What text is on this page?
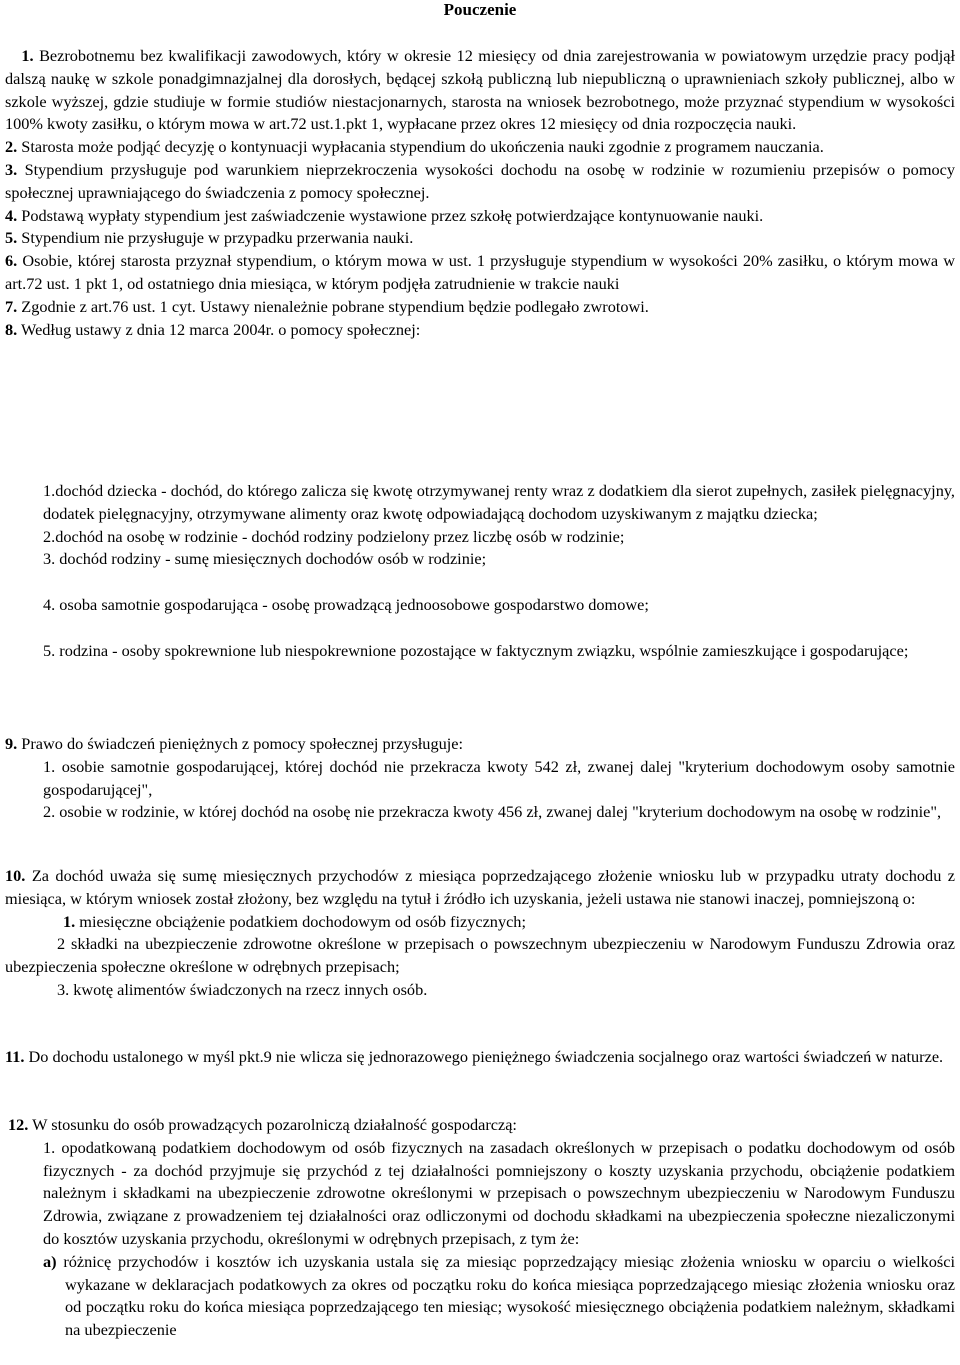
Pouczenie

1. Bezrobotnemu bez kwalifikacji zawodowych, który w okresie 12 miesięcy od dnia zarejestrowania w powiatowym urzędzie pracy podjął dalszą naukę w szkole ponadgimnazjalnej dla dorosłych, będącej szkołą publiczną lub niepubliczną o uprawnieniach szkoły publicznej, albo w szkole wyższej, gdzie studiuje w formie studiów niestacjonarnych, starosta na wniosek bezrobotnego, może przyznać stypendium w wysokości 100% kwoty zasiłku, o którym mowa w art.72 ust.1.pkt 1, wypłacane przez okres 12 miesięcy od dnia rozpoczęcia nauki.

2. Starosta może podjąć decyzję o kontynuacji wypłacania stypendium do ukończenia nauki zgodnie z programem nauczania.

3. Stypendium przysługuje pod warunkiem nieprzekroczenia wysokości dochodu na osobę w rodzinie w rozumieniu przepisów o pomocy społecznej uprawniającego do świadczenia z pomocy społecznej.

4. Podstawą wypłaty stypendium jest zaświadczenie wystawione przez szkołę potwierdzające kontynuowanie nauki.

5. Stypendium nie przysługuje w przypadku przerwania nauki.

6. Osobie, której starosta przyznał stypendium, o którym mowa w ust. 1 przysługuje stypendium w wysokości 20% zasiłku, o którym mowa w art.72 ust. 1 pkt 1, od ostatniego dnia miesiąca, w którym podjęła zatrudnienie w trakcie nauki

7. Zgodnie z art.76 ust. 1 cyt. Ustawy nienależnie pobrane stypendium będzie podlegało zwrotowi.

8. Według ustawy z dnia 12 marca 2004r. o pomocy społecznej:

1.dochód dziecka - dochód, do którego zalicza się kwotę otrzymywanej renty wraz z dodatkiem dla sierot zupełnych, zasiłek pielęgnacyjny, dodatek pielęgnacyjny, otrzymywane alimenty oraz kwotę odpowiadającą dochodom uzyskiwanym z majątku dziecka;

2.dochód na osobę w rodzinie - dochód rodziny podzielony przez liczbę osób w rodzinie;

3. dochód rodziny - sumę miesięcznych dochodów osób w rodzinie;

4. osoba samotnie gospodarująca - osobę prowadzącą jednoosobowe gospodarstwo domowe;

5. rodzina - osoby spokrewnione lub niespokrewnione pozostające w faktycznym związku, wspólnie zamieszkujące i gospodarujące;

9. Prawo do świadczeń pieniężnych z pomocy społecznej przysługuje:

1. osobie samotnie gospodarującej, której dochód nie przekracza kwoty 542 zł, zwanej dalej "kryterium dochodowym osoby samotnie gospodarującej",

2. osobie w rodzinie, w której dochód na osobę nie przekracza kwoty 456 zł, zwanej dalej "kryterium dochodowym na osobę w rodzinie",

10. Za dochód uważa się sumę miesięcznych przychodów z miesiąca poprzedzającego złożenie wniosku lub w przypadku utraty dochodu z miesiąca, w którym wniosek został złożony, bez względu na tytuł i źródło ich uzyskania, jeżeli ustawa nie stanowi inaczej, pomniejszoną o:

1. miesięczne obciążenie podatkiem dochodowym od osób fizycznych;

2 składki na ubezpieczenie zdrowotne określone w przepisach o powszechnym ubezpieczeniu w Narodowym Funduszu Zdrowia oraz ubezpieczenia społeczne określone w odrębnych przepisach;

3. kwotę alimentów świadczonych na rzecz innych osób.

11. Do dochodu ustalonego w myśl pkt.9 nie wlicza się jednorazowego pieniężnego świadczenia socjalnego oraz wartości świadczeń w naturze.

12. W stosunku do osób prowadzących pozarolniczą działalność gospodarczą:

1. opodatkowaną podatkiem dochodowym od osób fizycznych na zasadach określonych w przepisach o podatku dochodowym od osób fizycznych - za dochód przyjmuje się przychód z tej działalności pomniejszony o koszty uzyskania przychodu, obciążenie podatkiem należnym i składkami na ubezpieczenie zdrowotne określonymi w przepisach o powszechnym ubezpieczeniu w Narodowym Funduszu Zdrowia, związane z prowadzeniem tej działalności oraz odliczonymi od dochodu składkami na ubezpieczenia społeczne niezaliczonymi do kosztów uzyskania przychodu, określonymi w odrębnych przepisach, z tym że:

a) różnicę przychodów i kosztów ich uzyskania ustala się za miesiąc poprzedzający miesiąc złożenia wniosku w oparciu o wielkości wykazane w deklaracjach podatkowych za okres od początku roku do końca miesiąca poprzedzającego miesiąc złożenia wniosku oraz od początku roku do końca miesiąca poprzedzającego ten miesiąc; wysokość miesięcznego obciążenia podatkiem należnym, składkami na ubezpieczenie
